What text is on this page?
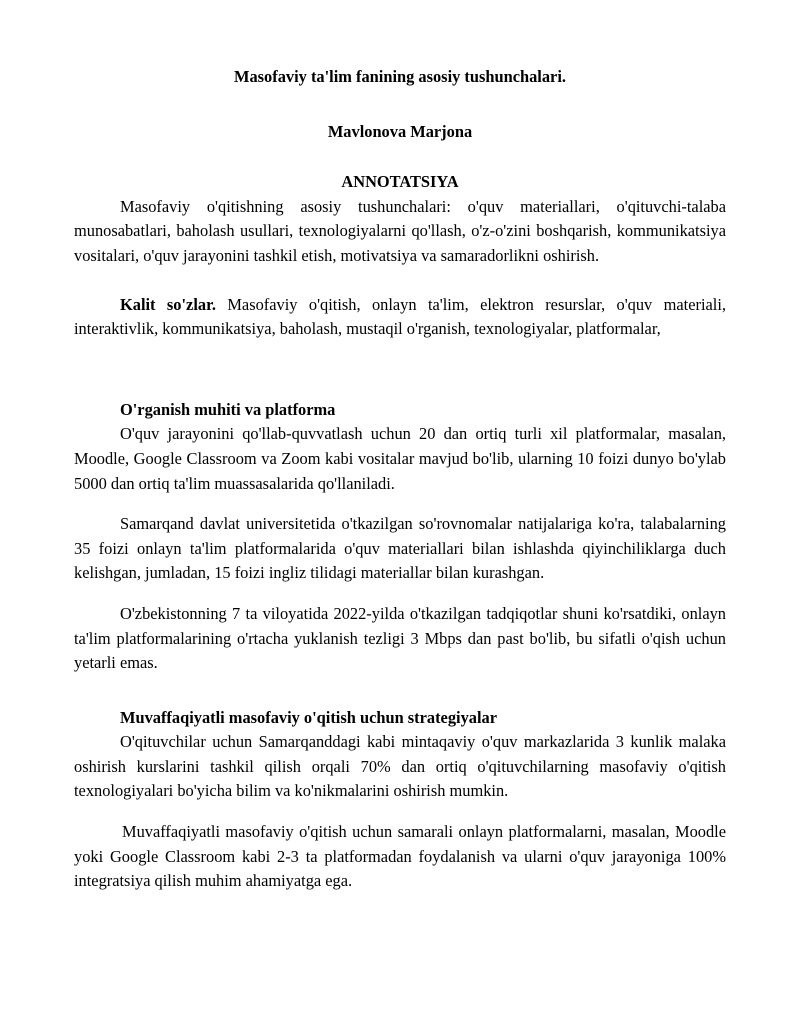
Masofaviy ta'lim fanining asosiy tushunchalari.
Mavlonova Marjona
ANNOTATSIYA

Masofaviy o'qitishning asosiy tushunchalari: o'quv materiallari, o'qituvchi-talaba munosabatlari, baholash usullari, texnologiyalarni qo'llash, o'z-o'zini boshqarish, kommunikatsiya vositalari, o'quv jarayonini tashkil etish, motivatsiya va samaradorlikni oshirish.

Kalit so'zlar. Masofaviy o'qitish, onlayn ta'lim, elektron resurslar, o'quv materiali, interaktivlik, kommunikatsiya, baholash, mustaqil o'rganish, texnologiyalar, platformalar,

O'rganish muhiti va platforma

O'quv jarayonini qo'llab-quvvatlash uchun 20 dan ortiq turli xil platformalar, masalan, Moodle, Google Classroom va Zoom kabi vositalar mavjud bo'lib, ularning 10 foizi dunyo bo'ylab 5000 dan ortiq ta'lim muassasalarida qo'llaniladi.

Samarqand davlat universitetida o'tkazilgan so'rovnomalar natijalariga ko'ra, talabalarning 35 foizi onlayn ta'lim platformalarida o'quv materiallari bilan ishlashda qiyinchiliklarga duch kelishgan, jumladan, 15 foizi ingliz tilidagi materiallar bilan kurashgan.

O'zbekistonning 7 ta viloyatida 2022-yilda o'tkazilgan tadqiqotlar shuni ko'rsatdiki, onlayn ta'lim platformalarining o'rtacha yuklanish tezligi 3 Mbps dan past bo'lib, bu sifatli o'qish uchun yetarli emas.

Muvaffaqiyatli masofaviy o'qitish uchun strategiyalar

O'qituvchilar uchun Samarqanddagi kabi mintaqaviy o'quv markazlarida 3 kunlik malaka oshirish kurslarini tashkil qilish orqali 70% dan ortiq o'qituvchilarning masofaviy o'qitish texnologiyalari bo'yicha bilim va ko'nikmalarini oshirish mumkin.

Muvaffaqiyatli masofaviy o'qitish uchun samarali onlayn platformalarni, masalan, Moodle yoki Google Classroom kabi 2-3 ta platformadan foydalanish va ularni o'quv jarayoniga 100% integratsiya qilish muhim ahamiyatga ega.
